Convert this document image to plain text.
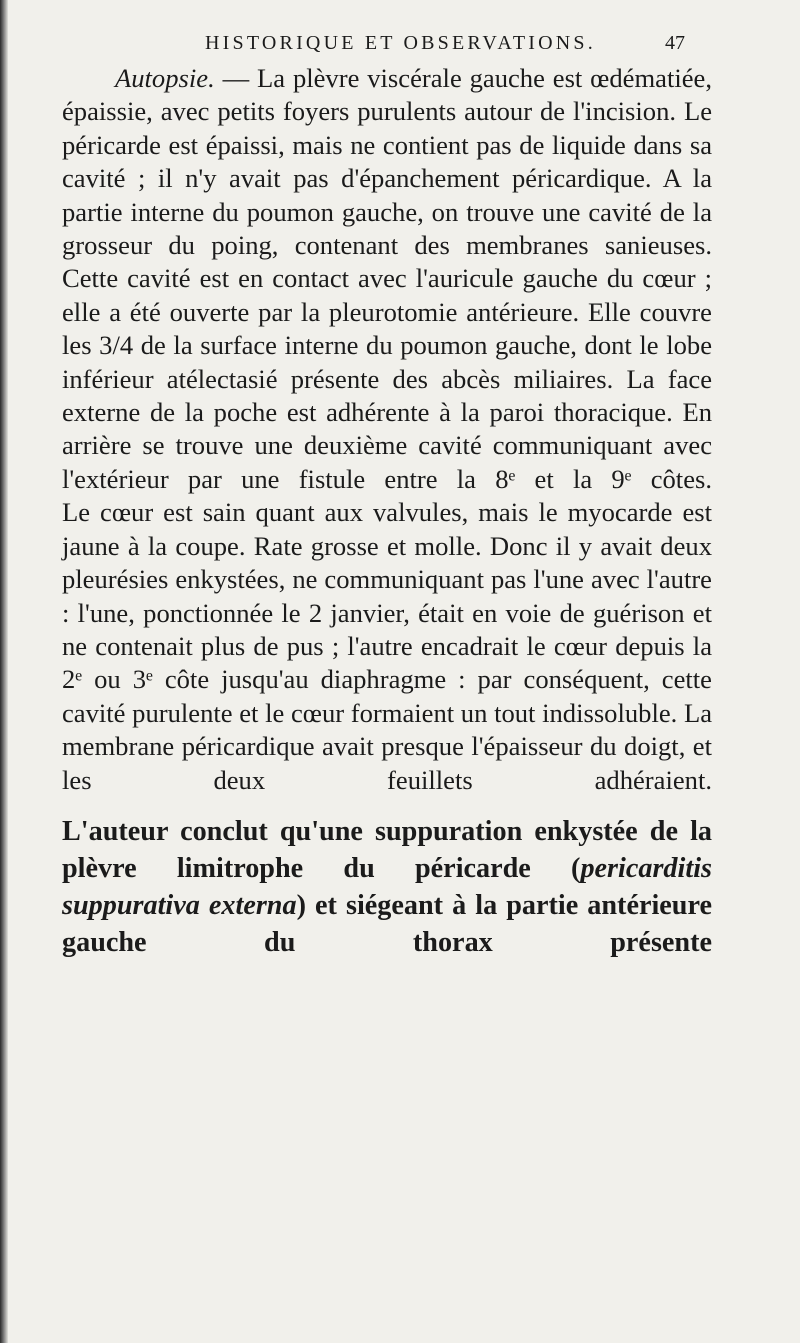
HISTORIQUE ET OBSERVATIONS.	47

Autopsie. — La plèvre viscérale gauche est œdématiée, épaissie, avec petits foyers purulents autour de l'incision. Le péricarde est épaissi, mais ne contient pas de liquide dans sa cavité ; il n'y avait pas d'épanchement péricardique. A la partie interne du poumon gauche, on trouve une cavité de la grosseur du poing, contenant des membranes sanieuses. Cette cavité est en contact avec l'auricule gauche du cœur ; elle a été ouverte par la pleurotomie antérieure. Elle couvre les 3/4 de la surface interne du poumon gauche, dont le lobe inférieur atélectasié présente des abcès miliaires. La face externe de la poche est adhérente à la paroi thoracique. En arrière se trouve une deuxième cavité communiquant avec l'extérieur par une fistule entre la 8ᵉ et la 9ᵉ côtes.

Le cœur est sain quant aux valvules, mais le myocarde est jaune à la coupe. Rate grosse et molle. Donc il y avait deux pleurésies enkystées, ne communiquant pas l'une avec l'autre : l'une, ponctionnée le 2 janvier, était en voie de guérison et ne contenait plus de pus ; l'autre encadrait le cœur depuis la 2ᵉ ou 3ᵉ côte jusqu'au diaphragme : par conséquent, cette cavité purulente et le cœur formaient un tout indissoluble. La membrane péricardique avait presque l'épaisseur du doigt, et les deux feuillets adhéraient.

L'auteur conclut qu'une suppuration enkystée de la plèvre limitrophe du péricarde (pericarditis suppurativa externa) et siégeant à la partie antérieure gauche du thorax présente
